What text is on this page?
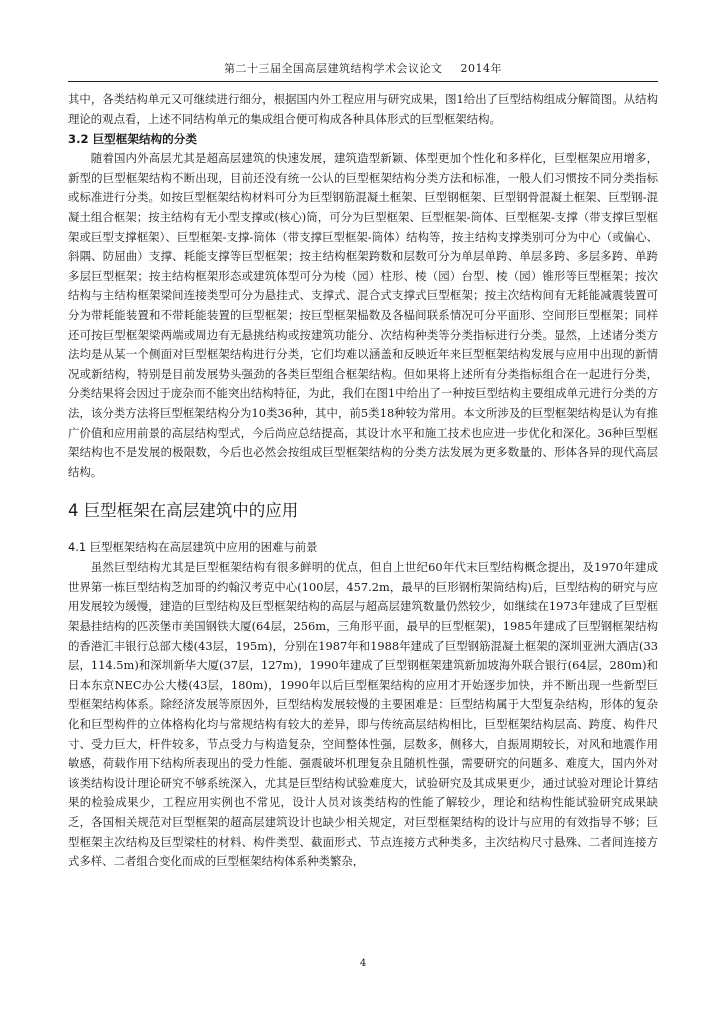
第二十三届全国高层建筑结构学术会议论文 2014年

其中，各类结构单元又可继续进行细分，根据国内外工程应用与研究成果，图1给出了巨型结构组成分解简图。从结构理论的观点看，上述不同结构单元的集成组合便可构成各种具体形式的巨型框架结构。

3.2 巨型框架结构的分类

随着国内外高层尤其是超高层建筑的快速发展，建筑造型新颖、体型更加个性化和多样化，巨型框架应用增多，新型的巨型框架结构不断出现，目前还没有统一公认的巨型框架结构分类方法和标准，一般人们习惯按不同分类指标或标准进行分类。如按巨型框架结构材料可分为巨型钢筋混凝土框架、巨型钢框架、巨型钢骨混凝土框架、巨型钢-混凝土组合框架；按主结构有无小型支撑或(核心)筒，可分为巨型框架、巨型框架-筒体、巨型框架-支撑（带支撑巨型框架或巨型支撑框架）、巨型框架-支撑-筒体（带支撑巨型框架-筒体）结构等，按主结构支撑类别可分为中心（或偏心、斜隅、防屈曲）支撑、耗能支撑等巨型框架；按主结构框架跨数和层数可分为单层单跨、单层多跨、多层多跨、单跨多层巨型框架；按主结构框架形态或建筑体型可分为棱（园）柱形、棱（园）台型、棱（园）锥形等巨型框架；按次结构与主结构框架梁间连接类型可分为悬挂式、支撑式、混合式支撑式巨型框架；按主次结构间有无耗能减震装置可分为带耗能装置和不带耗能装置的巨型框架；按巨型框架榀数及各榀间联系情况可分平面形、空间形巨型框架；同样还可按巨型框架梁两端或周边有无悬挑结构或按建筑功能分、次结构种类等分类指标进行分类。显然，上述诸分类方法均是从某一个侧面对巨型框架结构进行分类，它们均难以涵盖和反映近年来巨型框架结构发展与应用中出现的新情况或新结构，特别是目前发展势头强劲的各类巨型组合框架结构。但如果将上述所有分类指标组合在一起进行分类，分类结果将会因过于庞杂而不能突出结构特征，为此，我们在图1中给出了一种按巨型结构主要组成单元进行分类的方法，该分类方法将巨型框架结构分为10类36种，其中，前5类18种较为常用。本文所涉及的巨型框架结构是认为有推广价值和应用前景的高层结构型式，今后尚应总结提高，其设计水平和施工技术也应进一步优化和深化。36种巨型框架结构也不是发展的极限数，今后也必然会按组成巨型框架结构的分类方法发展为更多数量的、形体各异的现代高层结构。

4 巨型框架在高层建筑中的应用
4.1 巨型框架结构在高层建筑中应用的困难与前景

虽然巨型结构尤其是巨型框架结构有很多鲜明的优点，但自上世纪60年代末巨型结构概念提出，及1970年建成世界第一栋巨型结构芝加哥的约翰汉考克中心(100层，457.2m，最早的巨形钢桁架筒结构)后，巨型结构的研究与应用发展较为缓慢，建造的巨型结构及巨型框架结构的高层与超高层建筑数量仍然较少，如继续在1973年建成了巨型框架悬挂结构的匹茨堡市美国钢铁大厦(64层，256m，三角形平面，最早的巨型框架)，1985年建成了巨型钢框架结构的香港汇丰银行总部大楼(43层，195m)，分别在1987年和1988年建成了巨型钢筋混凝土框架的深圳亚洲大酒店(33层，114.5m)和深圳新华大厦(37层，127m)，1990年建成了巨型钢框架建筑新加坡海外联合银行(64层，280m)和日本东京NEC办公大楼(43层，180m)，1990年以后巨型框架结构的应用才开始逐步加快，并不断出现一些新型巨型框架结构体系。除经济发展等原因外，巨型结构发展较慢的主要困难是：巨型结构属于大型复杂结构，形体的复杂化和巨型构件的立体格构化均与常规结构有较大的差异，即与传统高层结构相比，巨型框架结构层高、跨度、构件尺寸、受力巨大，杆件较多，节点受力与构造复杂，空间整体性强，层数多，侧移大，自振周期较长，对风和地震作用敏感，荷载作用下结构所表现出的受力性能、强震破坏机理复杂且随机性强，需要研究的问题多、难度大，国内外对该类结构设计理论研究不够系统深入，尤其是巨型结构试验难度大，试验研究及其成果更少，通过试验对理论计算结果的检验成果少，工程应用实例也不常见，设计人员对该类结构的性能了解较少，理论和结构性能试验研究成果缺乏，各国相关规范对巨型框架的超高层建筑设计也缺少相关规定，对巨型框架结构的设计与应用的有效指导不够；巨型框架主次结构及巨型梁柱的材料、构件类型、截面形式、节点连接方式种类多，主次结构尺寸悬殊、二者间连接方式多样、二者组合变化而成的巨型框架结构体系种类繁杂，

4
